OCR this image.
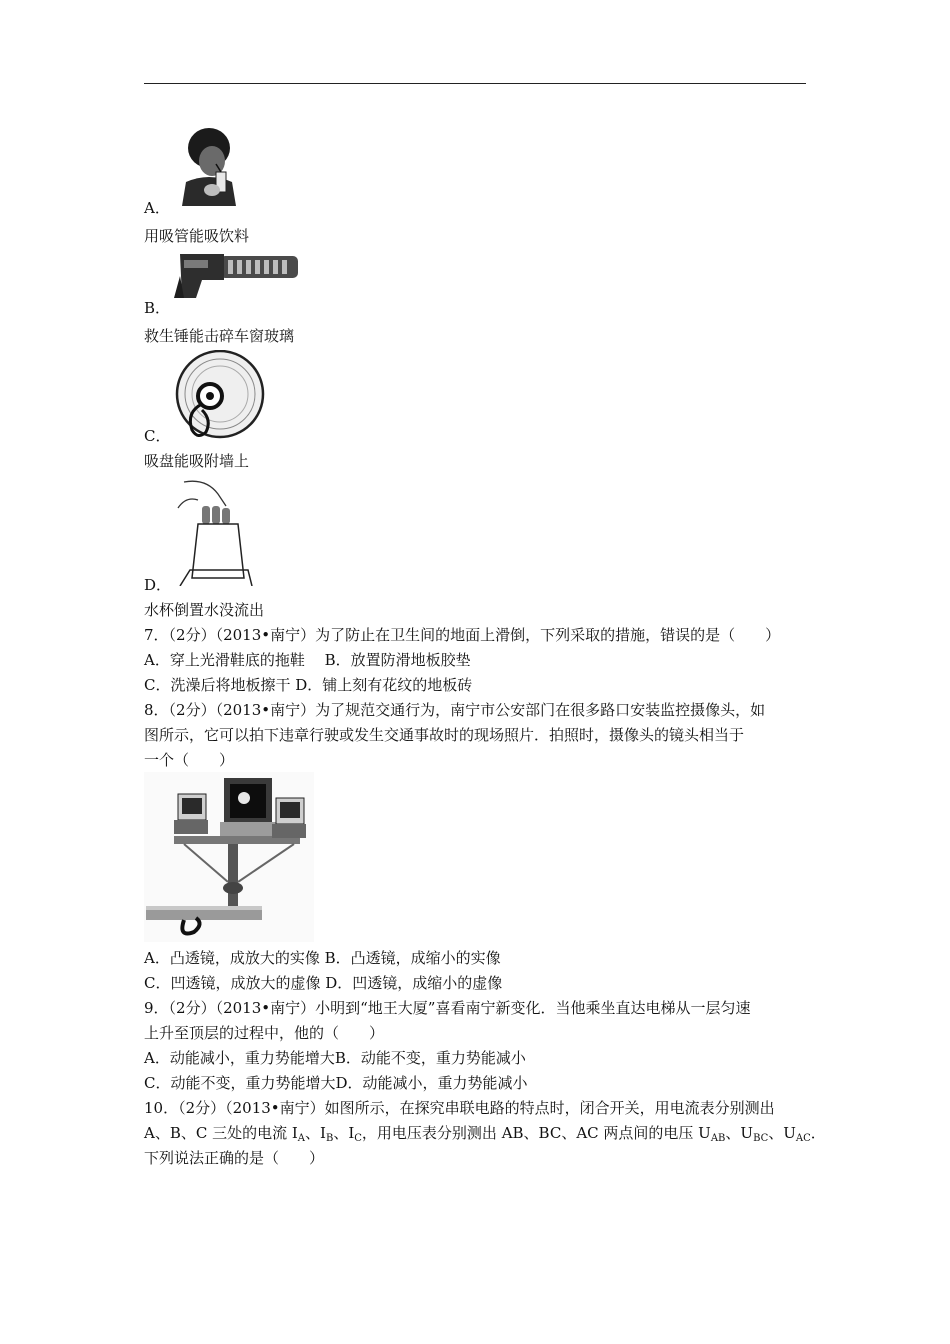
A．
用吸管能吸饮料
B．
救生锤能击碎车窗玻璃
C．
吸盘能吸附墙上
D．
水杯倒置水没流出
7．（2分）（2013•南宁）为了防止在卫生间的地面上滑倒，下列采取的措施，错误的是（　　）
A．穿上光滑鞋底的拖鞋　 B．放置防滑地板胶垫
C．洗澡后将地板擦干 D．铺上刻有花纹的地板砖
8．（2分）（2013•南宁）为了规范交通行为，南宁市公安部门在很多路口安装监控摄像头，如
图所示，它可以拍下违章行驶或发生交通事故时的现场照片．拍照时，摄像头的镜头相当于
一个（　　）
A．凸透镜，成放大的实像 B．凸透镜，成缩小的实像
C．凹透镜，成放大的虚像 D．凹透镜，成缩小的虚像
9．（2分）（2013•南宁）小明到“地王大厦”喜看南宁新变化．当他乘坐直达电梯从一层匀速
上升至顶层的过程中，他的（　　）
A．动能减小，重力势能增大B．动能不变，重力势能减小
C．动能不变，重力势能增大D．动能减小，重力势能减小
10．（2分）（2013•南宁）如图所示，在探究串联电路的特点时，闭合开关，用电流表分别测出
A、B、C 三处的电流 $I_A$、$I_B$、$I_C$，用电压表分别测出 AB、BC、AC 两点间的电压 $U_{AB}$、$U_{BC}$、$U_{AC}$．
下列说法正确的是（　　）
